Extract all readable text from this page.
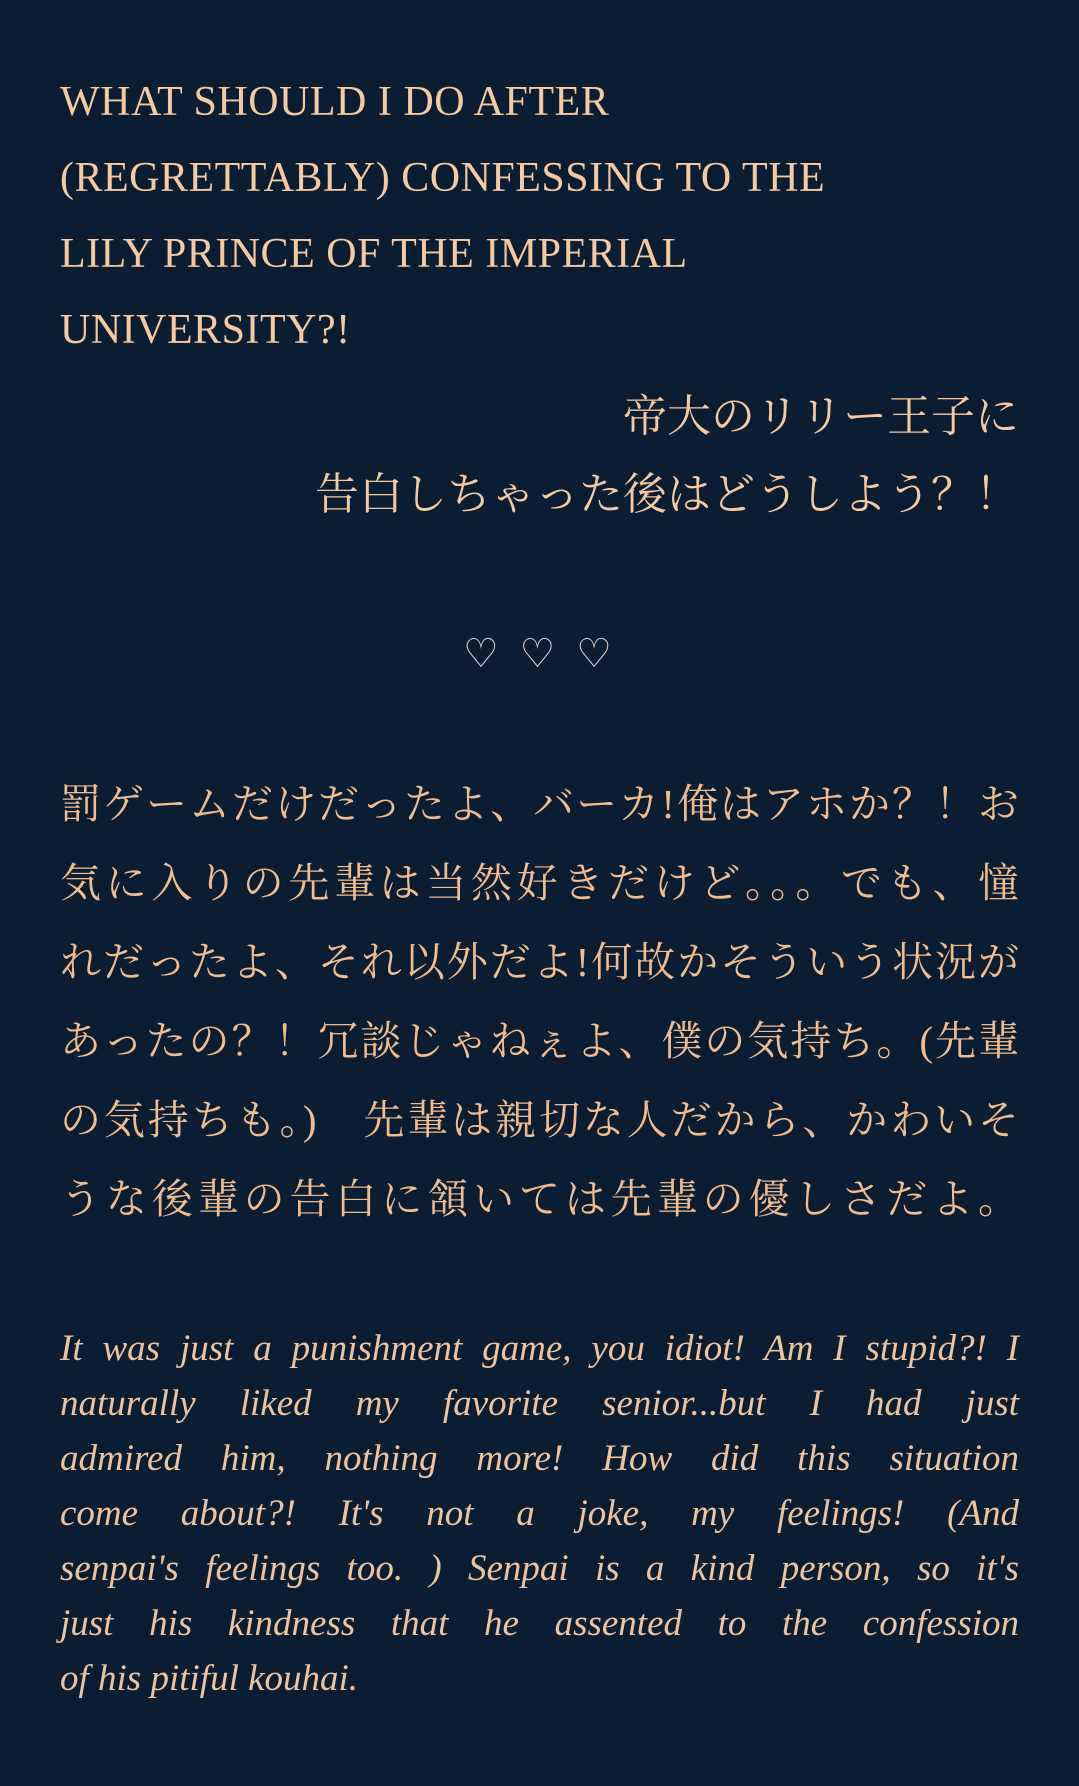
WHAT SHOULD I DO AFTER
(REGRETTABLY) CONFESSING TO THE
LILY PRINCE OF THE IMPERIAL
UNIVERSITY?!
帝大のリリー王子に
告白しちゃった後はどうしよう？！
♡ ♡ ♡
罰ゲームだけだったよ、バーカ!俺はアホか？！お
気に入りの先輩は当然好きだけど。。。でも、憧
れだったよ、それ以外だよ!何故かそういう状況が
あったの？！冗談じゃねぇよ、僕の気持ち。(先輩
の気持ちも。)　先輩は親切な人だから、かわいそ
うな後輩の告白に頷いては先輩の優しさだよ。
It was just a punishment game, you idiot! Am I stupid?! I
naturally liked my favorite senior...but I had just
admired him, nothing more! How did this situation
come about?! It's not a joke, my feelings! (And
senpai's feelings too. ) Senpai is a kind person, so it's
just his kindness that he assented to the confession
of his pitiful kouhai.
